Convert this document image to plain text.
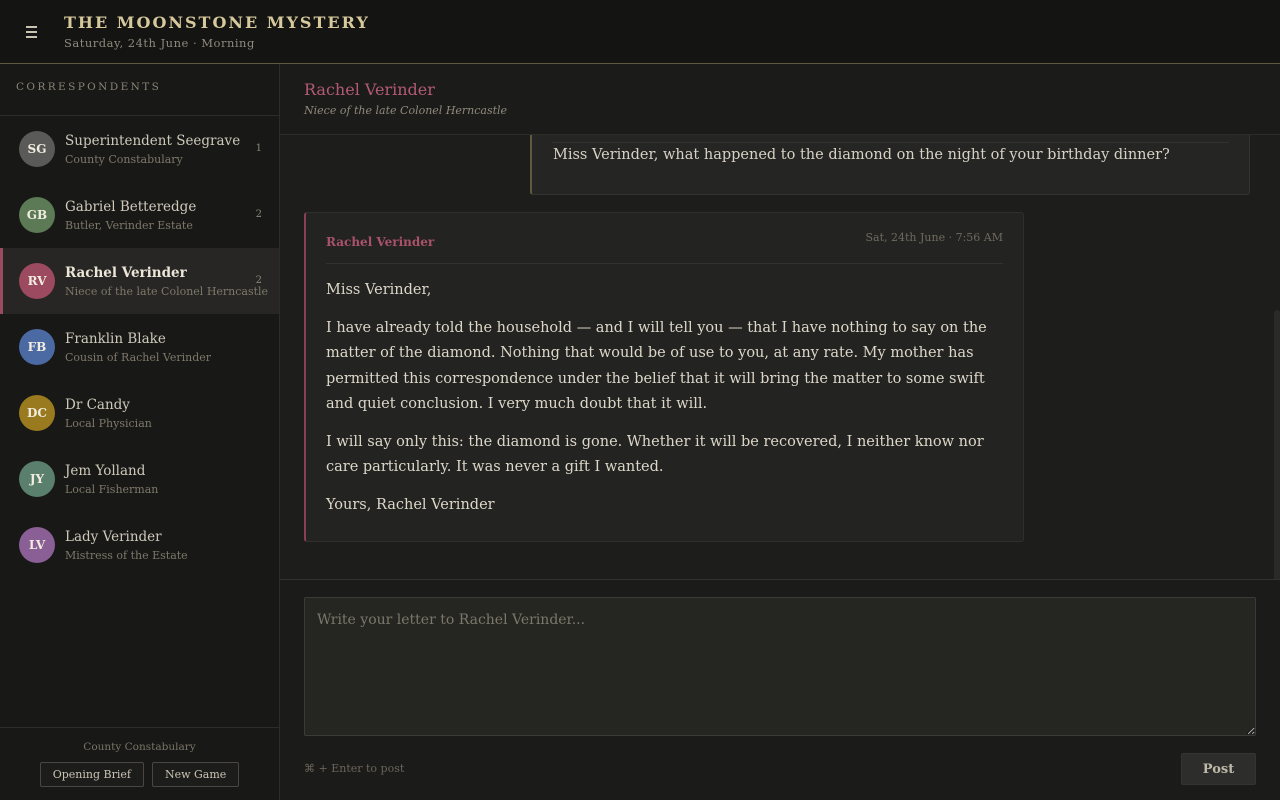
THE MOONSTONE MYSTERY
Saturday, 24th June · Morning
CORRESPONDENTS
SG	Superintendent Seegrave
County Constabulary
1
GB	Gabriel Betteredge
Butler, Verinder Estate
2
RV	Rachel Verinder
Niece of the late Colonel Herncastle
2
FB	Franklin Blake
Cousin of Rachel Verinder
DC	Dr Candy
Local Physician
JY	Jem Yolland
Local Fisherman
LV	Lady Verinder
Mistress of the Estate
County Constabulary
Opening Brief	New Game
Rachel Verinder
Niece of the late Colonel Herncastle
Miss Verinder, what happened to the diamond on the night of your birthday dinner?
Rachel Verinder	Sat, 24th June · 7:56 AM

Miss Verinder,

I have already told the household — and I will tell you — that I have nothing to say on the matter of the diamond. Nothing that would be of use to you, at any rate. My mother has permitted this correspondence under the belief that it will bring the matter to some swift and quiet conclusion. I very much doubt that it will.

I will say only this: the diamond is gone. Whether it will be recovered, I neither know nor care particularly. It was never a gift I wanted.

Yours, Rachel Verinder

Write your letter to Rachel Verinder...
⌘ + Enter to post	Post
